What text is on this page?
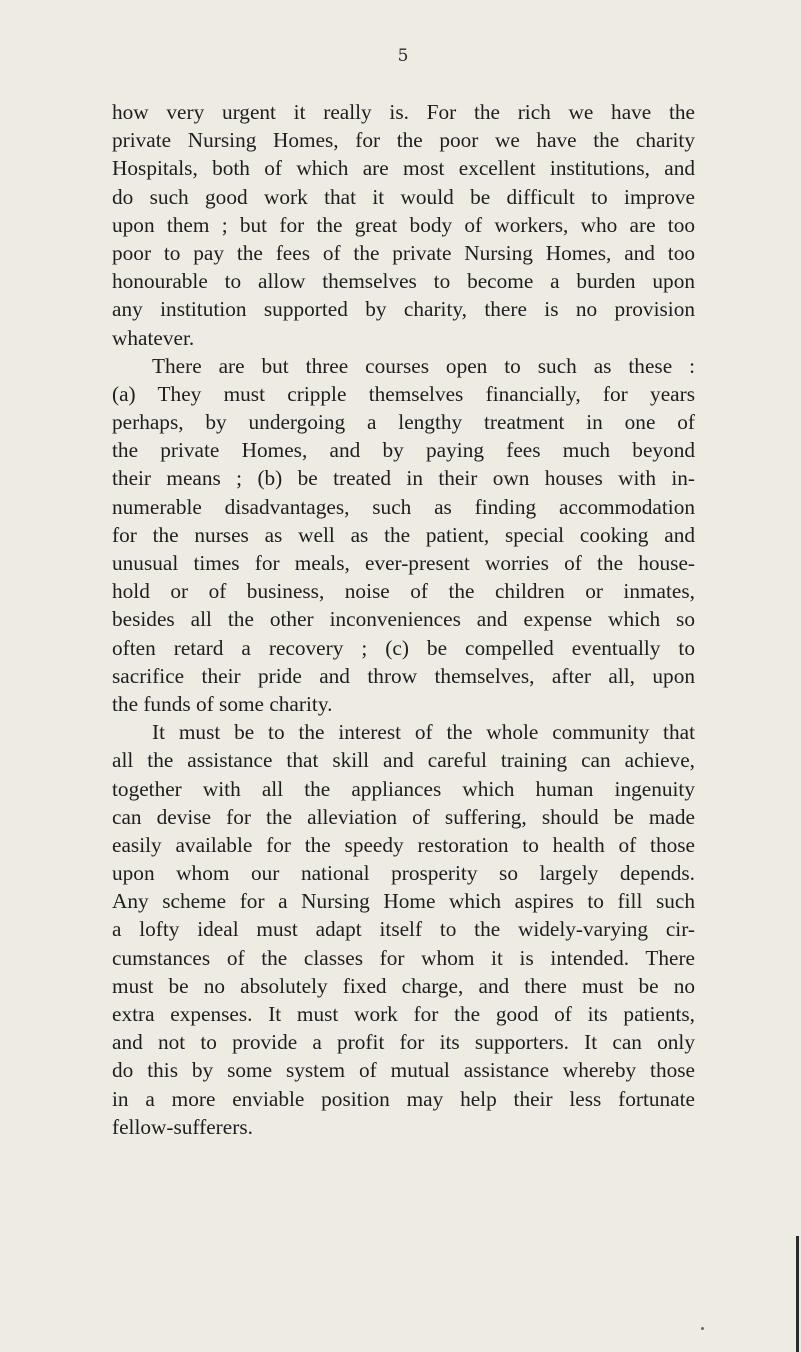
5
how very urgent it really is. For the rich we have the
private Nursing Homes, for the poor we have the charity
Hospitals, both of which are most excellent institutions, and
do such good work that it would be difficult to improve
upon them ; but for the great body of workers, who are too
poor to pay the fees of the private Nursing Homes, and too
honourable to allow themselves to become a burden upon
any institution supported by charity, there is no provision
whatever.
There are but three courses open to such as these :
(a) They must cripple themselves financially, for years
perhaps, by undergoing a lengthy treatment in one of
the private Homes, and by paying fees much beyond
their means ; (b) be treated in their own houses with in-
numerable disadvantages, such as finding accommodation
for the nurses as well as the patient, special cooking and
unusual times for meals, ever-present worries of the house-
hold or of business, noise of the children or inmates,
besides all the other inconveniences and expense which so
often retard a recovery ; (c) be compelled eventually to
sacrifice their pride and throw themselves, after all, upon
the funds of some charity.
It must be to the interest of the whole community that
all the assistance that skill and careful training can achieve,
together with all the appliances which human ingenuity
can devise for the alleviation of suffering, should be made
easily available for the speedy restoration to health of those
upon whom our national prosperity so largely depends.
Any scheme for a Nursing Home which aspires to fill such
a lofty ideal must adapt itself to the widely-varying cir-
cumstances of the classes for whom it is intended. There
must be no absolutely fixed charge, and there must be no
extra expenses. It must work for the good of its patients,
and not to provide a profit for its supporters. It can only
do this by some system of mutual assistance whereby those
in a more enviable position may help their less fortunate
fellow-sufferers.
